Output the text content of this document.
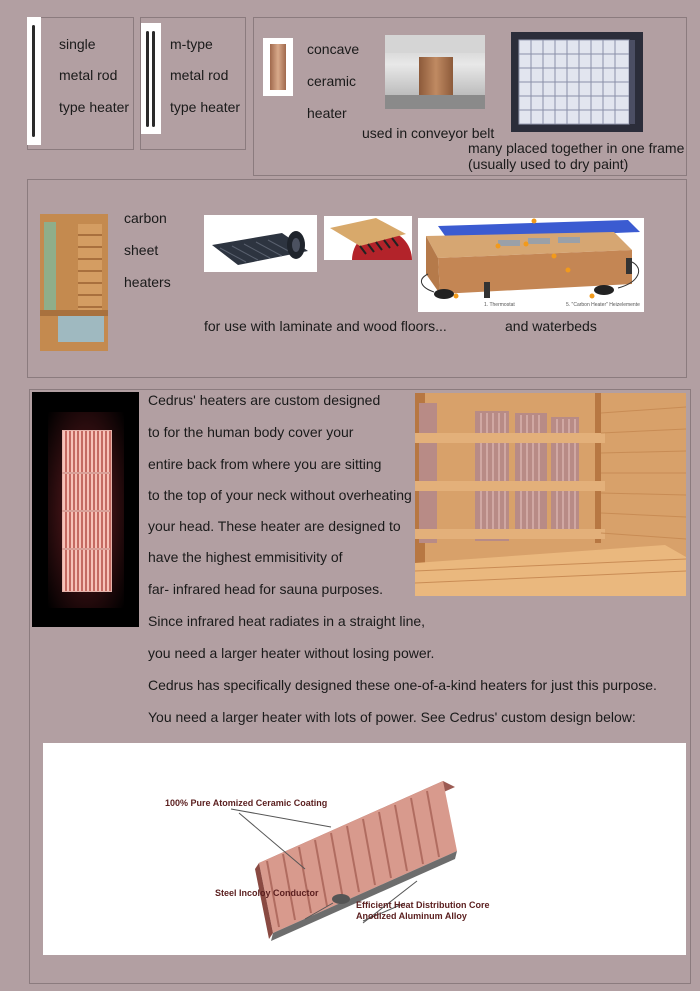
single
metal rod
type heater
m-type
metal rod
type heater
concave
ceramic
heater
used in conveyor belt
many placed together in one frame
(usually used to dry paint)
carbon
sheet
heaters
1. Thermostat	5. "Carbon Heater" Heizelemente
for use with laminate and wood floors...	and waterbeds
Cedrus' heaters are custom designed
to for the human body cover your
entire back from where you are sitting
to the top of your neck without overheating
your head. These heater are designed to
have the highest emmisitivity of
far- infrared head for sauna purposes.
Since infrared heat radiates in a straight line,
you need a larger heater without losing power.
Cedrus has specifically designed these one-of-a-kind heaters for just this purpose.
You need a larger heater with lots of power. See Cedrus' custom design below:
100% Pure Atomized Ceramic Coating
Steel Incoloy Conductor
Efficient Heat Distribution Core
Anodized Aluminum Alloy
